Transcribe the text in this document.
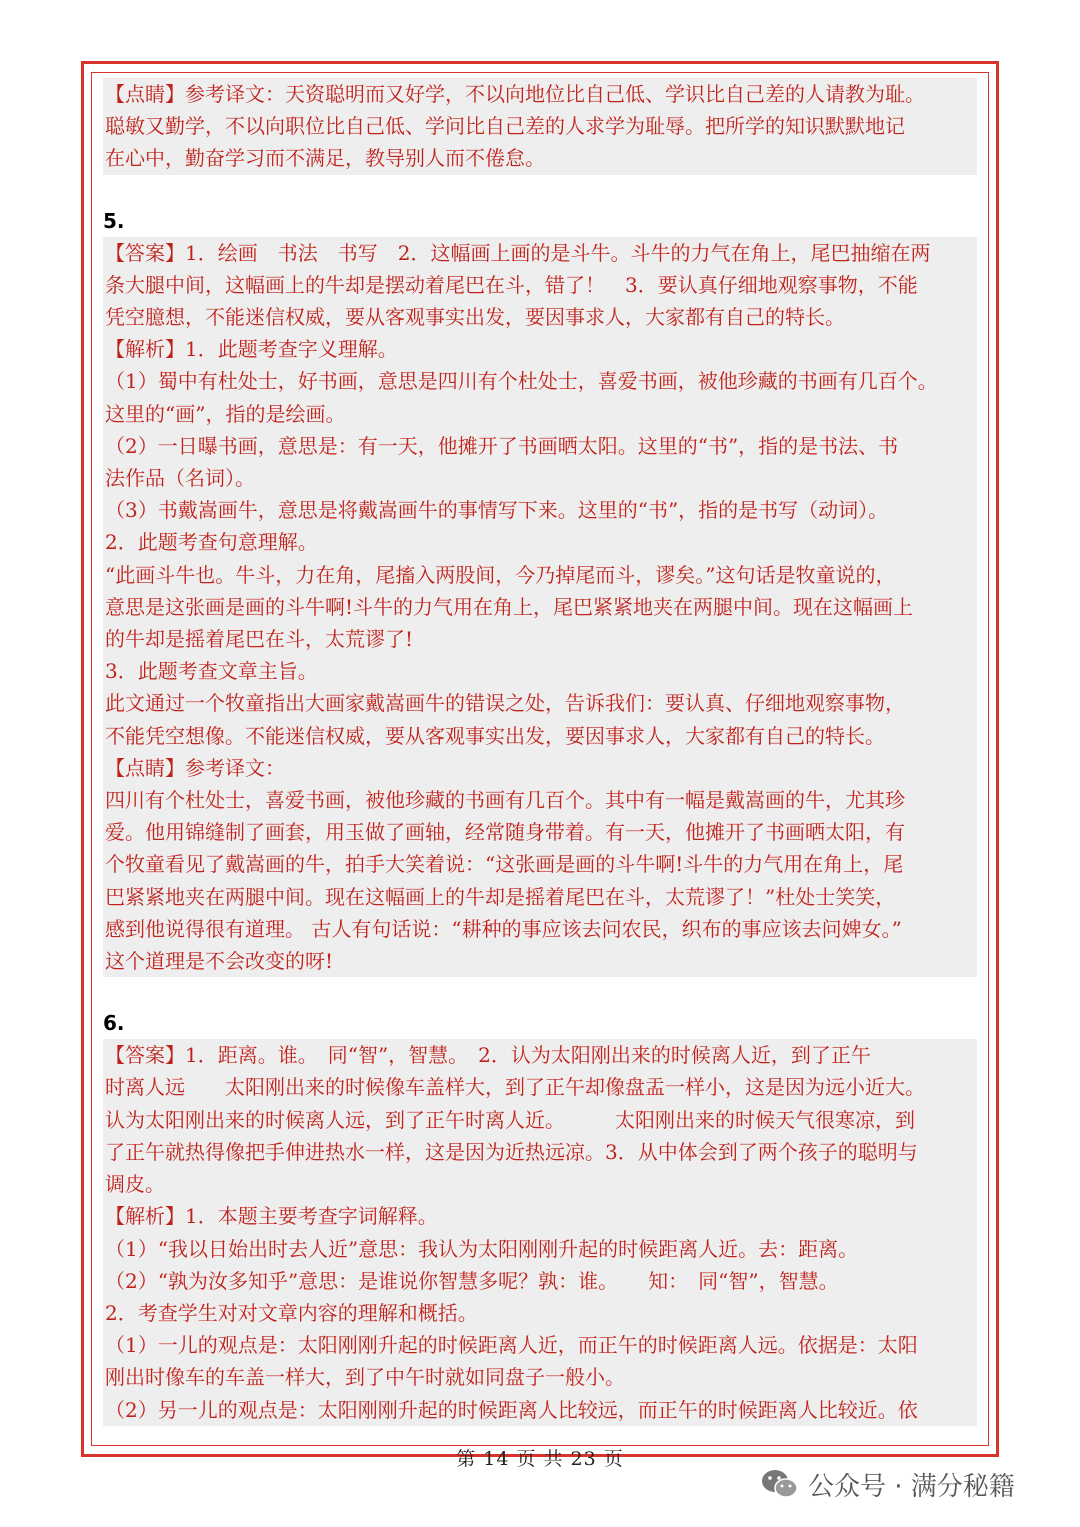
【点睛】参考译文：天资聪明而又好学，不以向地位比自己低、学识比自己差的人请教为耻。

聪敏又勤学，不以向职位比自己低、学问比自己差的人求学为耻辱。把所学的知识默默地记

在心中，勤奋学习而不满足，教导别人而不倦怠。

5.

【答案】1．绘画　书法　书写　2．这幅画上画的是斗牛。斗牛的力气在角上，尾巴抽缩在两

条大腿中间，这幅画上的牛却是摆动着尾巴在斗，错了！　3．要认真仔细地观察事物，不能

凭空臆想，不能迷信权威，要从客观事实出发，要因事求人，大家都有自己的特长。

【解析】1．此题考查字义理解。

（1）蜀中有杜处士，好书画，意思是四川有个杜处士，喜爱书画，被他珍藏的书画有几百个。

这里的“画”，指的是绘画。

（2）一日曝书画，意思是：有一天，他摊开了书画晒太阳。这里的“书”，指的是书法、书

法作品（名词）。

（3）书戴嵩画牛，意思是将戴嵩画牛的事情写下来。这里的“书”，指的是书写（动词）。

2．此题考查句意理解。

“此画斗牛也。牛斗，力在角，尾搐入两股间，今乃掉尾而斗，谬矣。”这句话是牧童说的，

意思是这张画是画的斗牛啊!斗牛的力气用在角上，尾巴紧紧地夹在两腿中间。现在这幅画上

的牛却是摇着尾巴在斗，太荒谬了!

3．此题考查文章主旨。

此文通过一个牧童指出大画家戴嵩画牛的错误之处，告诉我们：要认真、仔细地观察事物，

不能凭空想像。不能迷信权威，要从客观事实出发，要因事求人，大家都有自己的特长。

【点睛】参考译文：

四川有个杜处士，喜爱书画，被他珍藏的书画有几百个。其中有一幅是戴嵩画的牛，尤其珍

爱。他用锦缝制了画套，用玉做了画轴，经常随身带着。有一天，他摊开了书画晒太阳，有

个牧童看见了戴嵩画的牛，拍手大笑着说：“这张画是画的斗牛啊!斗牛的力气用在角上，尾

巴紧紧地夹在两腿中间。现在这幅画上的牛却是摇着尾巴在斗，太荒谬了！”杜处士笑笑，

感到他说得很有道理。 古人有句话说：“耕种的事应该去问农民，织布的事应该去问婢女。”

这个道理是不会改变的呀!

6.

【答案】1．距离。谁。　同“智”，智慧。　2．认为太阳刚出来的时候离人近，到了正午

时离人远　　太阳刚出来的时候像车盖样大，到了正午却像盘盂一样小，这是因为远小近大。

认为太阳刚出来的时候离人远，到了正午时离人近。　　　太阳刚出来的时候天气很寒凉，到

了正午就热得像把手伸进热水一样，这是因为近热远凉。3．从中体会到了两个孩子的聪明与

调皮。

【解析】1．本题主要考查字词解释。

（1）“我以日始出时去人近”意思：我认为太阳刚刚升起的时候距离人近。去：距离。

（2）“孰为汝多知乎”意思：是谁说你智慧多呢？孰：谁。　　知：　同“智”，智慧。

2．考查学生对对文章内容的理解和概括。

（1）一儿的观点是：太阳刚刚升起的时候距离人近，而正午的时候距离人远。依据是：太阳

刚出时像车的车盖一样大，到了中午时就如同盘子一般小。

（2）另一儿的观点是：太阳刚刚升起的时候距离人比较远，而正午的时候距离人比较近。依

第 14 页 共 23 页
公众号 · 满分秘籍
